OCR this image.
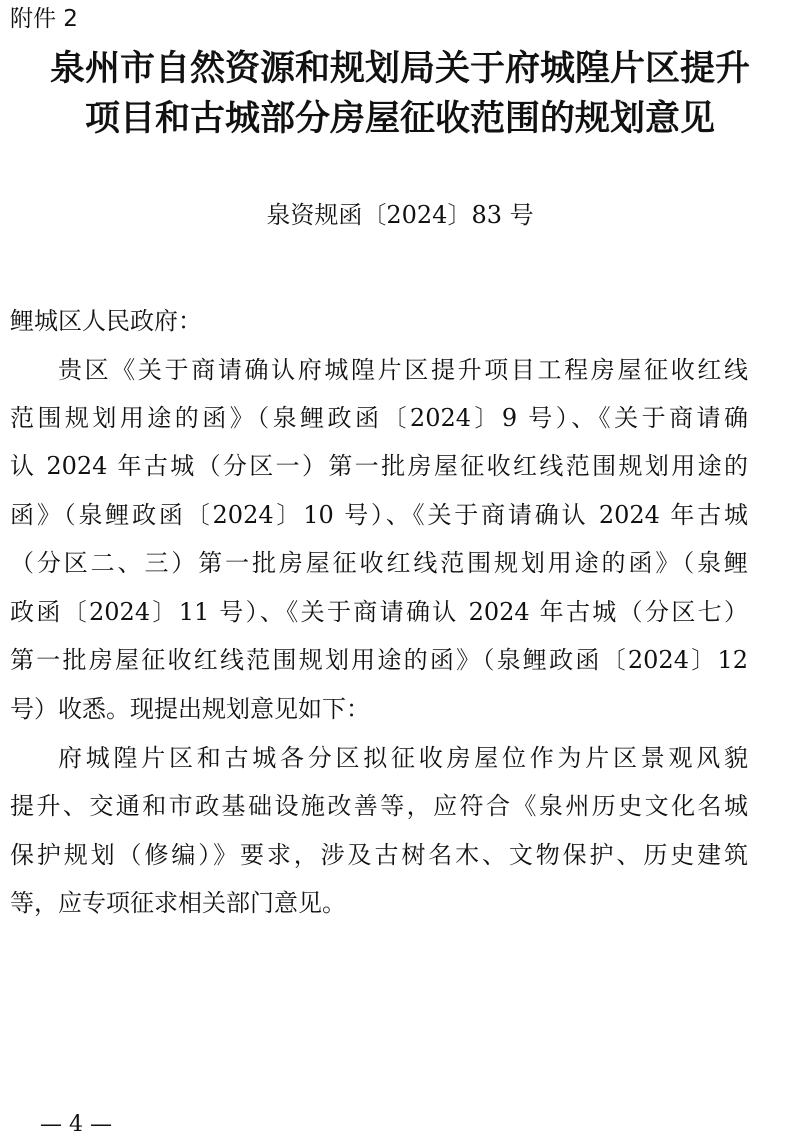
附件 2
泉州市自然资源和规划局关于府城隍片区提升
项目和古城部分房屋征收范围的规划意见
泉资规函〔2024〕83 号
鲤城区人民政府：
贵区《关于商请确认府城隍片区提升项目工程房屋征收红线
范围规划用途的函》（泉鲤政函〔2024〕9 号）、《关于商请确
认 2024 年古城（分区一）第一批房屋征收红线范围规划用途的
函》（泉鲤政函〔2024〕10 号）、《关于商请确认 2024 年古城
（分区二、三）第一批房屋征收红线范围规划用途的函》（泉鲤
政函〔2024〕11 号）、《关于商请确认 2024 年古城（分区七）
第一批房屋征收红线范围规划用途的函》（泉鲤政函〔2024〕12
号）收悉。现提出规划意见如下：
府城隍片区和古城各分区拟征收房屋位作为片区景观风貌
提升、交通和市政基础设施改善等，应符合《泉州历史文化名城
保护规划（修编）》要求，涉及古树名木、文物保护、历史建筑
等，应专项征求相关部门意见。
— 4 —
